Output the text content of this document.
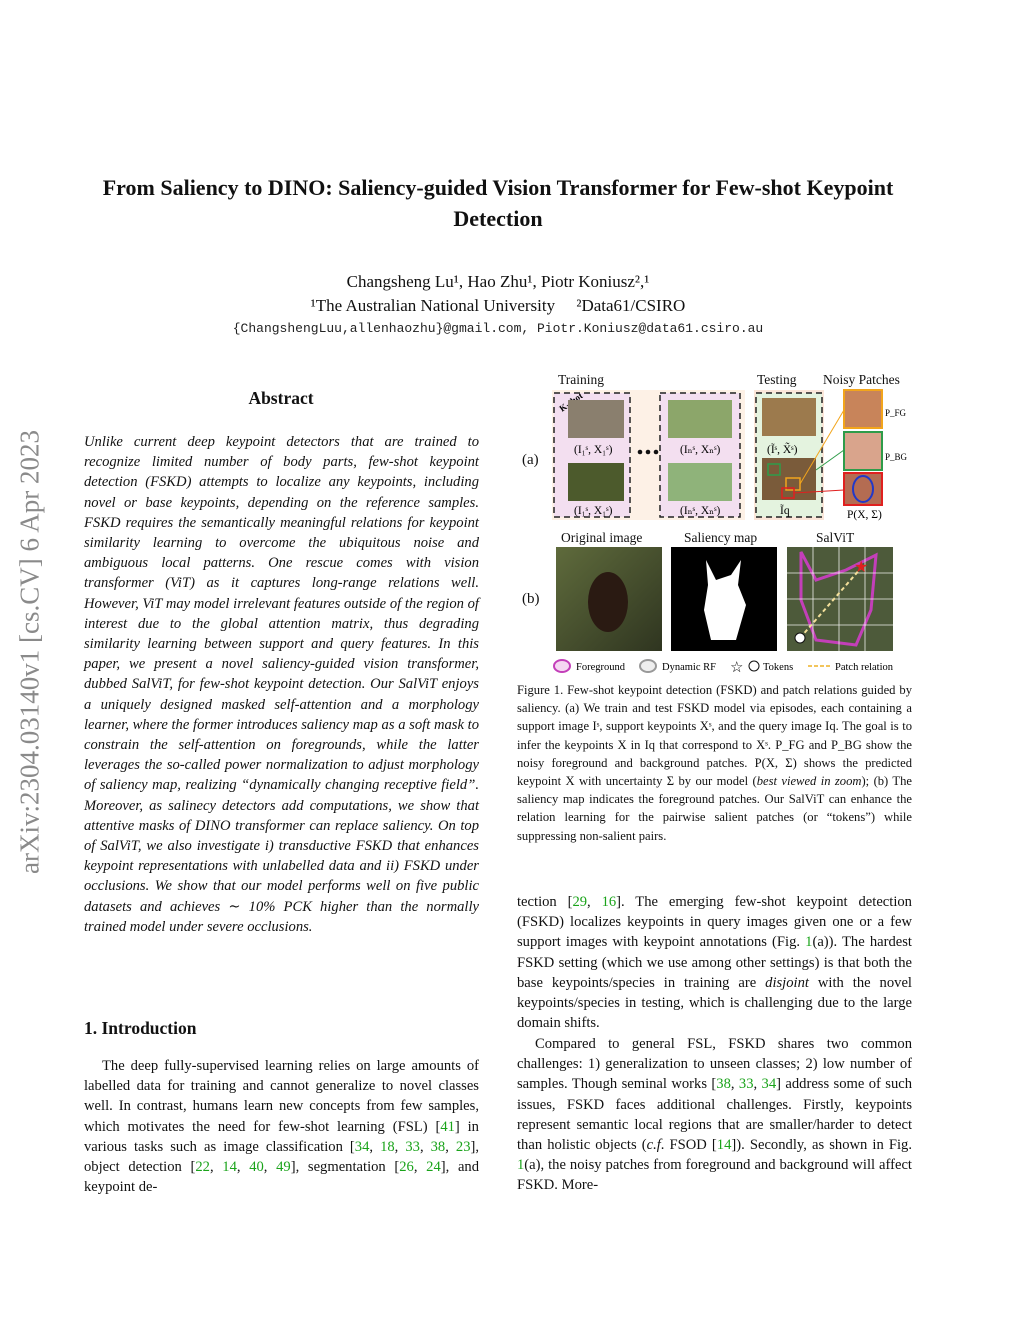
arXiv:2304.03140v1 [cs.CV] 6 Apr 2023
From Saliency to DINO: Saliency-guided Vision Transformer for Few-shot Keypoint Detection
Changsheng Lu¹, Hao Zhu¹, Piotr Koniusz²,¹
¹The Australian National University     ²Data61/CSIRO
{ChangshengLuu,allenhaozhu}@gmail.com, Piotr.Koniusz@data61.csiro.au
Abstract
Unlike current deep keypoint detectors that are trained to recognize limited number of body parts, few-shot keypoint detection (FSKD) attempts to localize any keypoints, including novel or base keypoints, depending on the reference samples. FSKD requires the semantically meaningful relations for keypoint similarity learning to overcome the ubiquitous noise and ambiguous local patterns. One rescue comes with vision transformer (ViT) as it captures long-range relations well. However, ViT may model irrelevant features outside of the region of interest due to the global attention matrix, thus degrading similarity learning between support and query features. In this paper, we present a novel saliency-guided vision transformer, dubbed SalViT, for few-shot keypoint detection. Our SalViT enjoys a uniquely designed masked self-attention and a morphology learner, where the former introduces saliency map as a soft mask to constrain the self-attention on foregrounds, while the latter leverages the so-called power normalization to adjust morphology of saliency map, realizing “dynamically changing receptive field”. Moreover, as salinecy detectors add computations, we show that attentive masks of DINO transformer can replace saliency. On top of SalViT, we also investigate i) transductive FSKD that enhances keypoint representations with unlabelled data and ii) FSKD under occlusions. We show that our model performs well on five public datasets and achieves ∼ 10% PCK higher than the normally trained model under severe occlusions.
1. Introduction
The deep fully-supervised learning relies on large amounts of labelled data for training and cannot generalize to novel classes well. In contrast, humans learn new concepts from few samples, which motivates the need for few-shot learning (FSL) [41] in various tasks such as image classification [34, 18, 33, 38, 23], object detection [22, 14, 40, 49], segmentation [26, 24], and keypoint de-
Training	Testing Noisy Patches
(a)
(I₁ˢ, X₁ˢ)	(Iₙˢ, Xₙˢ)
(I₁ˢ, X₁ˢ)	(Iₙˢ, Xₙˢ)
(Ĩˢ, X̃ˢ)
Ĩq
P_FG
P_BG
P(X, Σ)
Original image	Saliency map	SalViT
(b)
★
Foreground	Dynamic RF ☆ Tokens	Patch relation
Figure 1. Few-shot keypoint detection (FSKD) and patch relations guided by saliency. (a) We train and test FSKD model via episodes, each containing a support image Iˢ, support keypoints Xˢ, and the query image Iq. The goal is to infer the keypoints X in Iq that correspond to Xˢ. P_FG and P_BG show the noisy foreground and background patches. P(X, Σ) shows the predicted keypoint X with uncertainty Σ by our model (best viewed in zoom); (b) The saliency map indicates the foreground patches. Our SalViT can enhance the relation learning for the pairwise salient patches (or “tokens”) while suppressing non-salient pairs.
tection [29, 16]. The emerging few-shot keypoint detection (FSKD) localizes keypoints in query images given one or a few support images with keypoint annotations (Fig. 1(a)). The hardest FSKD setting (which we use among other settings) is that both the base keypoints/species in training are disjoint with the novel keypoints/species in testing, which is challenging due to the large domain shifts.
Compared to general FSL, FSKD shares two common challenges: 1) generalization to unseen classes; 2) low number of samples. Though seminal works [38, 33, 34] address some of such issues, FSKD faces additional challenges. Firstly, keypoints represent semantic local regions that are smaller/harder to detect than holistic objects (c.f. FSOD [14]). Secondly, as shown in Fig. 1(a), the noisy patches from foreground and background will affect FSKD. More-
